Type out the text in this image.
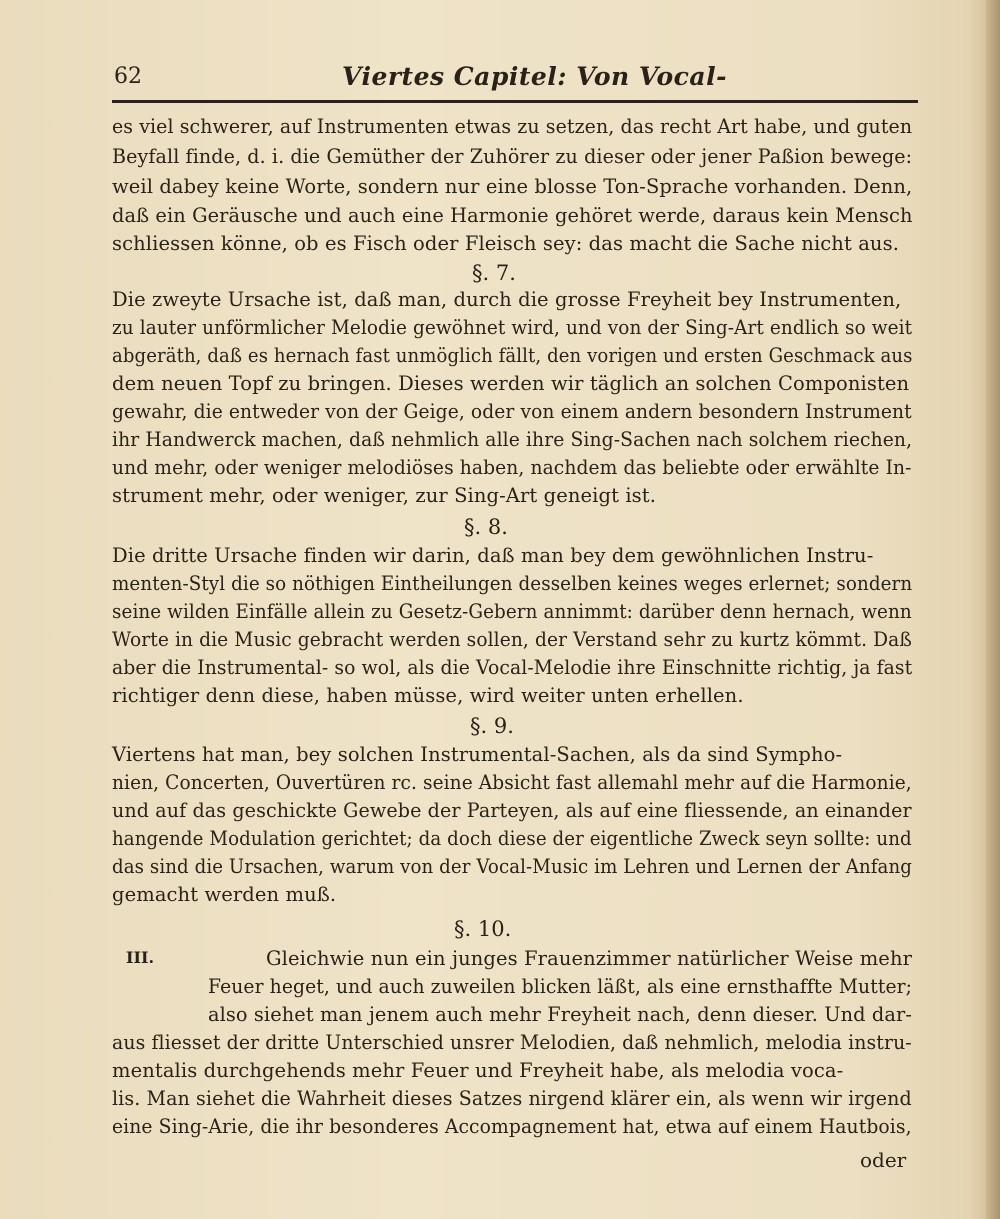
62	Viertes Capitel: Von Vocal-
es viel schwerer, auf Instrumenten etwas zu setzen, das recht Art habe, und guten
Beyfall finde, d. i. die Gemüther der Zuhörer zu dieser oder jener Paßion bewege:
weil dabey keine Worte, sondern nur eine blosse Ton-Sprache vorhanden. Denn,
daß ein Geräusche und auch eine Harmonie gehöret werde, daraus kein Mensch
schliessen könne, ob es Fisch oder Fleisch sey: das macht die Sache nicht aus.
§. 7.
Die zweyte Ursache ist, daß man, durch die grosse Freyheit bey Instrumenten,
zu lauter unförmlicher Melodie gewöhnet wird, und von der Sing-Art endlich so weit
abgeräth, daß es hernach fast unmöglich fällt, den vorigen und ersten Geschmack aus
dem neuen Topf zu bringen. Dieses werden wir täglich an solchen Componisten
gewahr, die entweder von der Geige, oder von einem andern besondern Instrument
ihr Handwerck machen, daß nehmlich alle ihre Sing-Sachen nach solchem riechen,
und mehr, oder weniger melodiöses haben, nachdem das beliebte oder erwählte In-
strument mehr, oder weniger, zur Sing-Art geneigt ist.
§. 8.
Die dritte Ursache finden wir darin, daß man bey dem gewöhnlichen Instru-
menten-Styl die so nöthigen Eintheilungen desselben keines weges erlernet; sondern
seine wilden Einfälle allein zu Gesetz-Gebern annimmt: darüber denn hernach, wenn
Worte in die Music gebracht werden sollen, der Verstand sehr zu kurtz kömmt. Daß
aber die Instrumental- so wol, als die Vocal-Melodie ihre Einschnitte richtig, ja fast
richtiger denn diese, haben müsse, wird weiter unten erhellen.
§. 9.
Viertens hat man, bey solchen Instrumental-Sachen, als da sind Sympho-
nien, Concerten, Ouvertüren rc. seine Absicht fast allemahl mehr auf die Harmonie,
und auf das geschickte Gewebe der Parteyen, als auf eine fliessende, an einander
hangende Modulation gerichtet; da doch diese der eigentliche Zweck seyn sollte: und
das sind die Ursachen, warum von der Vocal-Music im Lehren und Lernen der Anfang
gemacht werden muß.
§. 10.
III.	Gleichwie nun ein junges Frauenzimmer natürlicher Weise mehr
Feuer heget, und auch zuweilen blicken läßt, als eine ernsthaffte Mutter;
also siehet man jenem auch mehr Freyheit nach, denn dieser. Und dar-
aus fliesset der dritte Unterschied unsrer Melodien, daß nehmlich, melodia instru-
mentalis durchgehends mehr Feuer und Freyheit habe, als melodia voca-
lis. Man siehet die Wahrheit dieses Satzes nirgend klärer ein, als wenn wir irgend
eine Sing-Arie, die ihr besonderes Accompagnement hat, etwa auf einem Hautbois,
oder
